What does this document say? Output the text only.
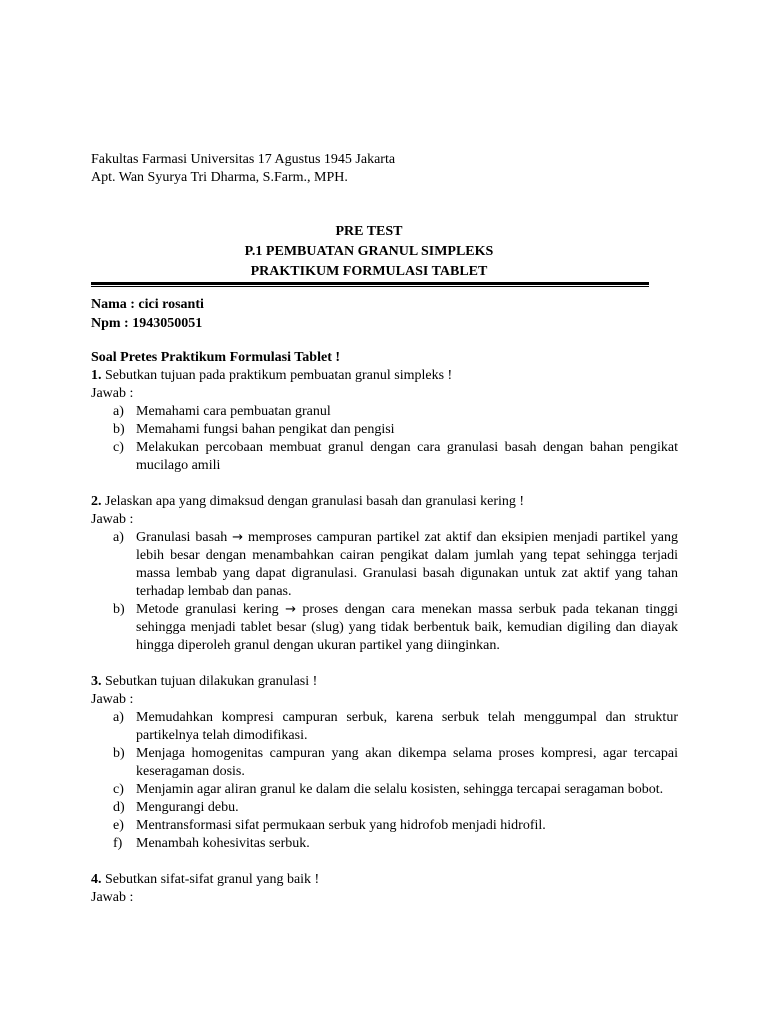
Fakultas Farmasi Universitas 17 Agustus 1945 Jakarta
Apt. Wan Syurya Tri Dharma, S.Farm., MPH.
PRE TEST
P.1 PEMBUATAN GRANUL SIMPLEKS
PRAKTIKUM FORMULASI TABLET
Nama : cici rosanti
Npm : 1943050051
Soal Pretes Praktikum Formulasi Tablet !
1. Sebutkan tujuan pada praktikum pembuatan granul simpleks !
Jawab :
a) Memahami cara pembuatan granul
b) Memahami fungsi bahan pengikat dan pengisi
c) Melakukan percobaan membuat granul dengan cara granulasi basah dengan bahan pengikat mucilago amili
2. Jelaskan apa yang dimaksud dengan granulasi basah dan granulasi kering !
Jawab :
a) Granulasi basah → memproses campuran partikel zat aktif dan eksipien menjadi partikel yang lebih besar dengan menambahkan cairan pengikat dalam jumlah yang tepat sehingga terjadi massa lembab yang dapat digranulasi. Granulasi basah digunakan untuk zat aktif yang tahan terhadap lembab dan panas.
b) Metode granulasi kering → proses dengan cara menekan massa serbuk pada tekanan tinggi sehingga menjadi tablet besar (slug) yang tidak berbentuk baik, kemudian digiling dan diayak hingga diperoleh granul dengan ukuran partikel yang diinginkan.
3. Sebutkan tujuan dilakukan granulasi !
Jawab :
a) Memudahkan kompresi campuran serbuk, karena serbuk telah menggumpal dan struktur partikelnya telah dimodifikasi.
b) Menjaga homogenitas campuran yang akan dikempa selama proses kompresi, agar tercapai keseragaman dosis.
c) Menjamin agar aliran granul ke dalam die selalu kosisten, sehingga tercapai seragaman bobot.
d) Mengurangi debu.
e) Mentransformasi sifat permukaan serbuk yang hidrofob menjadi hidrofil.
f) Menambah kohesivitas serbuk.
4. Sebutkan sifat-sifat granul yang baik !
Jawab :
